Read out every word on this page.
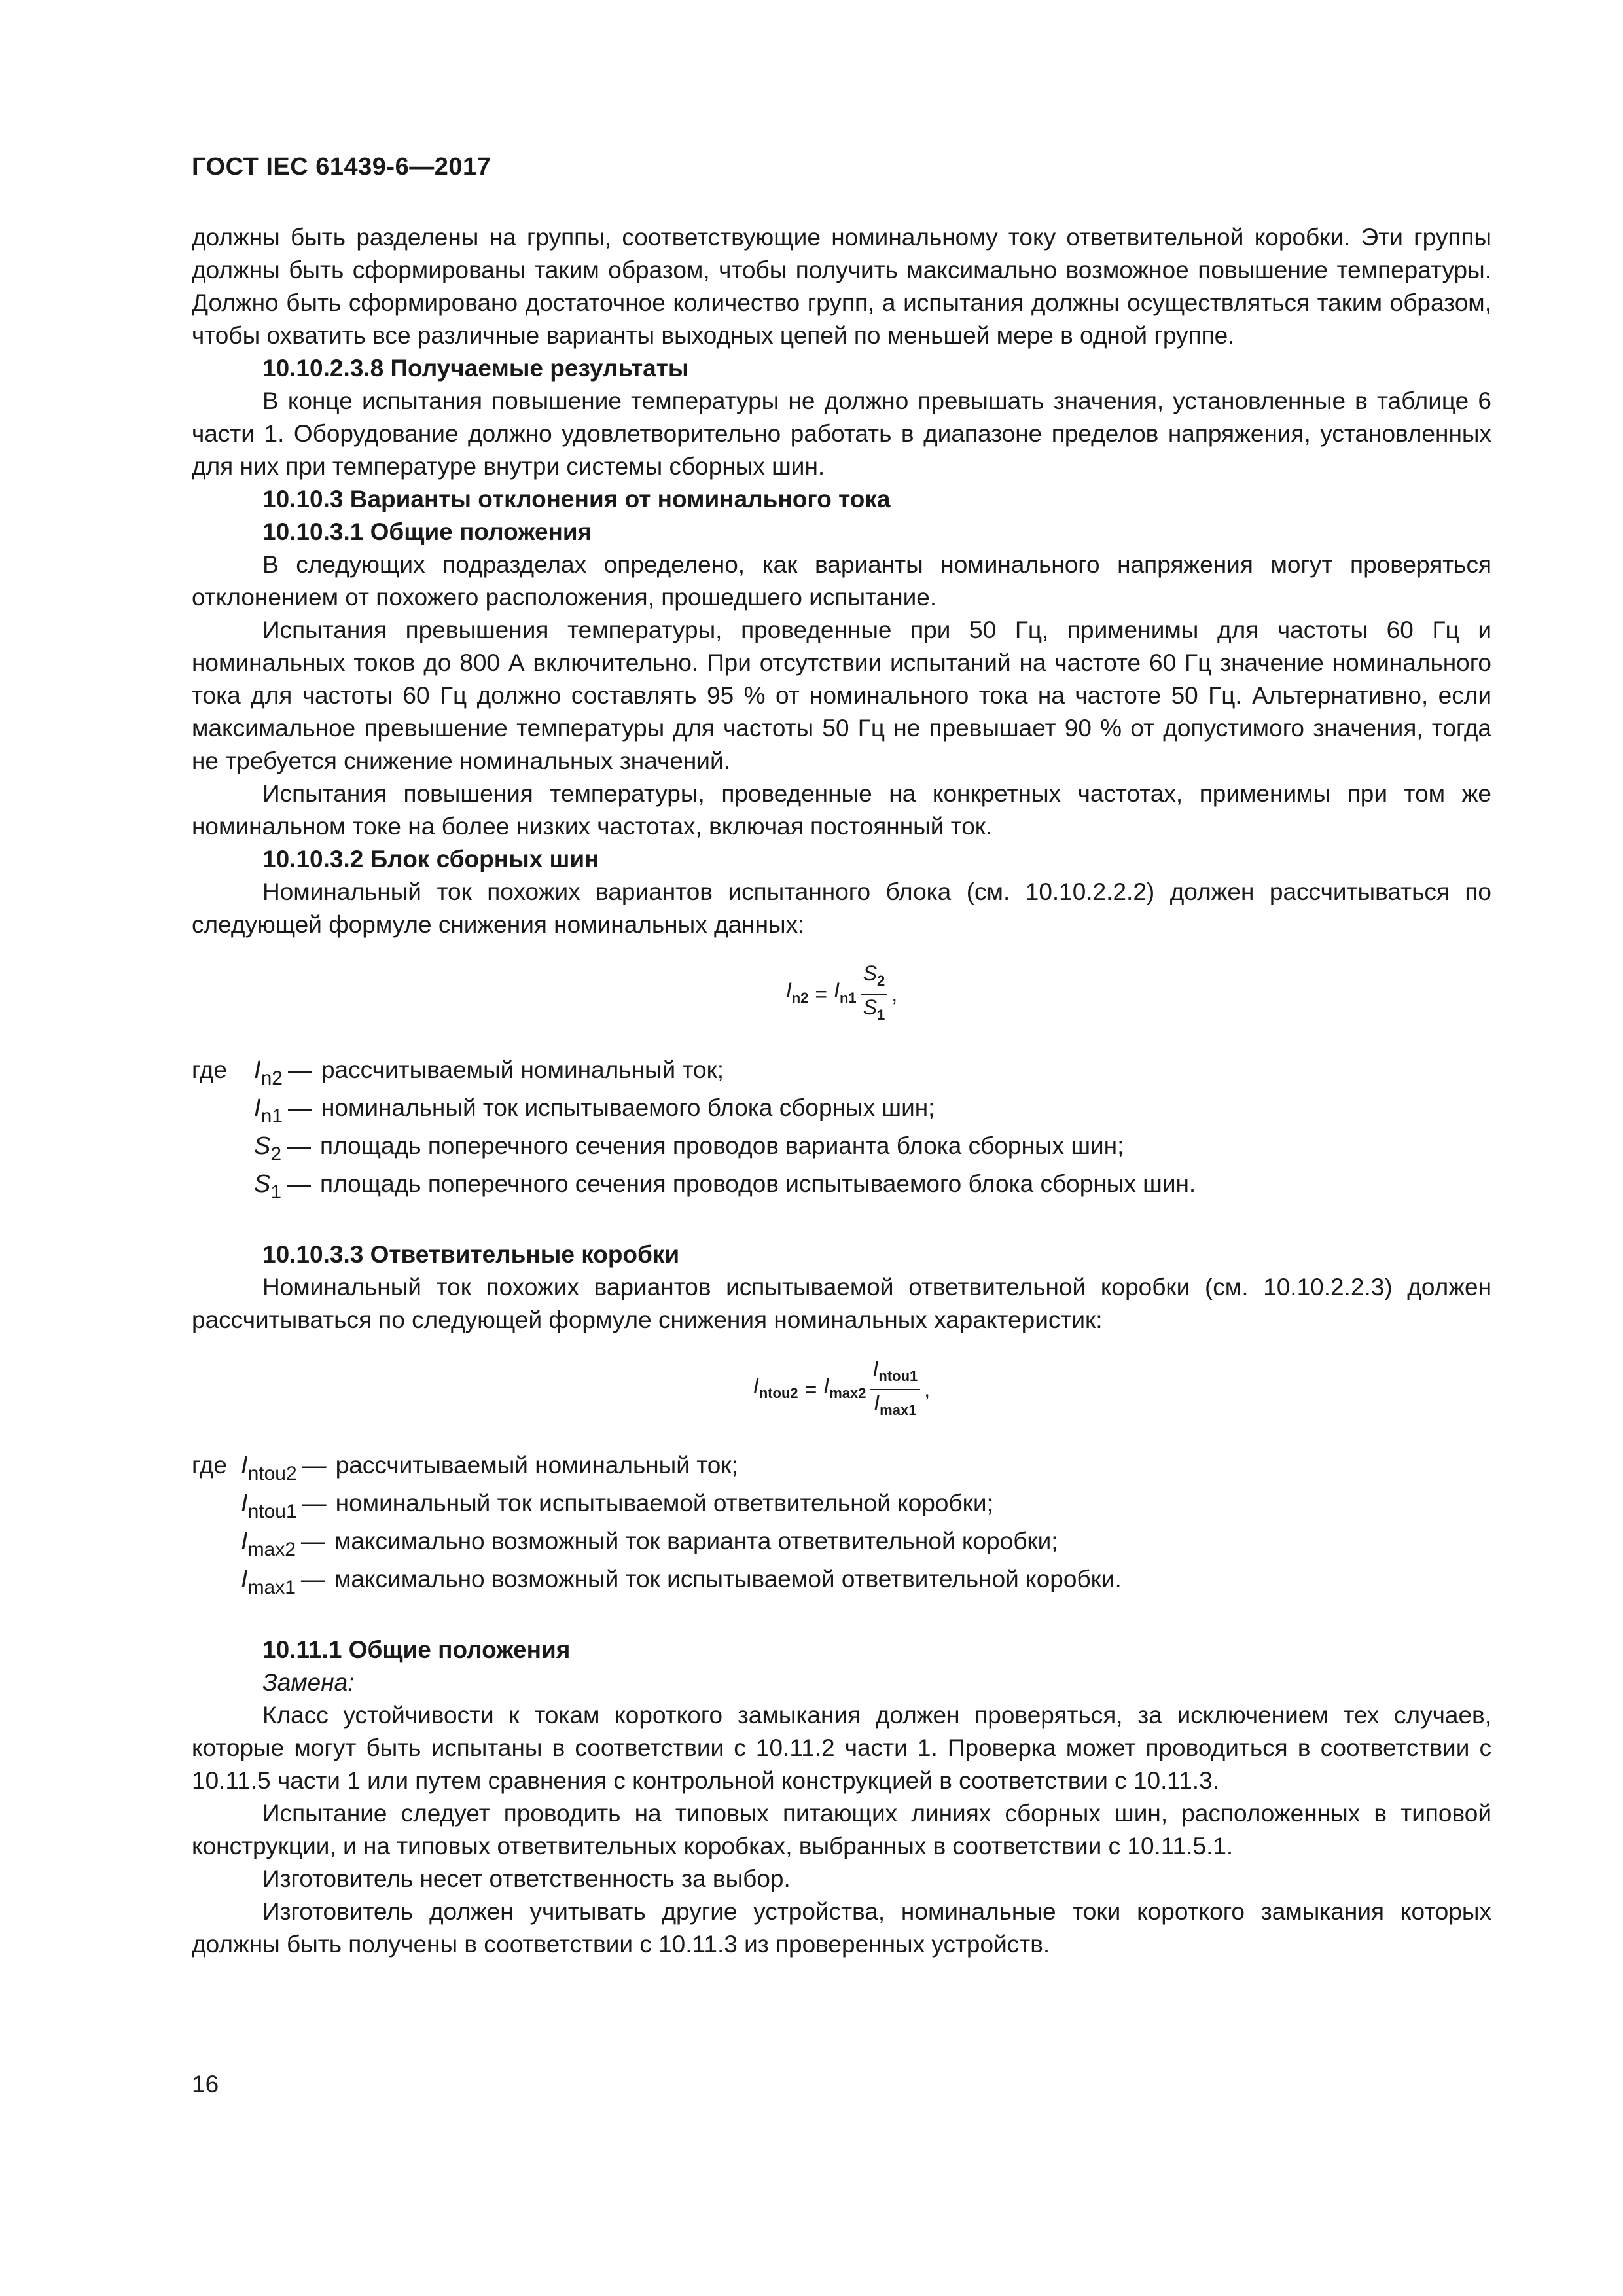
ГОСТ IEC 61439-6—2017

должны быть разделены на группы, соответствующие номинальному току ответвительной коробки. Эти группы должны быть сформированы таким образом, чтобы получить максимально возможное повышение температуры. Должно быть сформировано достаточное количество групп, а испытания должны осуществляться таким образом, чтобы охватить все различные варианты выходных цепей по меньшей мере в одной группе.

10.10.2.3.8 Получаемые результаты

В конце испытания повышение температуры не должно превышать значения, установленные в таблице 6 части 1. Оборудование должно удовлетворительно работать в диапазоне пределов напряжения, установленных для них при температуре внутри системы сборных шин.

10.10.3 Варианты отклонения от номинального тока

10.10.3.1 Общие положения

В следующих подразделах определено, как варианты номинального напряжения могут проверяться отклонением от похожего расположения, прошедшего испытание.

Испытания превышения температуры, проведенные при 50 Гц, применимы для частоты 60 Гц и номинальных токов до 800 А включительно. При отсутствии испытаний на частоте 60 Гц значение номинального тока для частоты 60 Гц должно составлять 95 % от номинального тока на частоте 50 Гц. Альтернативно, если максимальное превышение температуры для частоты 50 Гц не превышает 90 % от допустимого значения, тогда не требуется снижение номинальных значений.

Испытания повышения температуры, проведенные на конкретных частотах, применимы при том же номинальном токе на более низких частотах, включая постоянный ток.

10.10.3.2 Блок сборных шин

Номинальный ток похожих вариантов испытанного блока (см. 10.10.2.2.2) должен рассчитываться по следующей формуле снижения номинальных данных:

$I_{n2} = I_{n1} \frac{S_2}{S_1}$ ,
где	$I_{n2}$ — рассчитываемый номинальный ток;
$I_{n1}$ — номинальный ток испытываемого блока сборных шин;
$S_2$ — площадь поперечного сечения проводов варианта блока сборных шин;
$S_1$ — площадь поперечного сечения проводов испытываемого блока сборных шин.

10.10.3.3 Ответвительные коробки

Номинальный ток похожих вариантов испытываемой ответвительной коробки (см. 10.10.2.2.3) должен рассчитываться по следующей формуле снижения номинальных характеристик:

$I_{ntou2} = I_{max2} \frac{I_{ntou1}}{I_{max1}}$ ,
где $I_{ntou2}$ — рассчитываемый номинальный ток;
$I_{ntou1}$ — номинальный ток испытываемой ответвительной коробки;
$I_{max2}$ — максимально возможный ток варианта ответвительной коробки;
$I_{max1}$ — максимально возможный ток испытываемой ответвительной коробки.

10.11.1 Общие положения

Замена:

Класс устойчивости к токам короткого замыкания должен проверяться, за исключением тех случаев, которые могут быть испытаны в соответствии с 10.11.2 части 1. Проверка может проводиться в соответствии с 10.11.5 части 1 или путем сравнения с контрольной конструкцией в соответствии с 10.11.3.

Испытание следует проводить на типовых питающих линиях сборных шин, расположенных в типовой конструкции, и на типовых ответвительных коробках, выбранных в соответствии с 10.11.5.1.

Изготовитель несет ответственность за выбор.

Изготовитель должен учитывать другие устройства, номинальные токи короткого замыкания которых должны быть получены в соответствии с 10.11.3 из проверенных устройств.

16
